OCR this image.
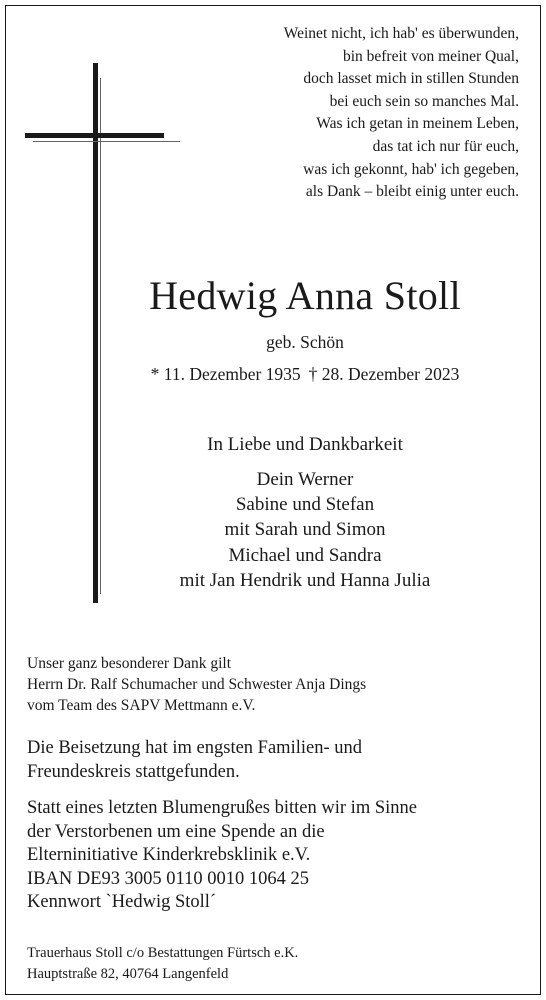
Weinet nicht, ich hab' es überwunden,
bin befreit von meiner Qual,
doch lasset mich in stillen Stunden
bei euch sein so manches Mal.
Was ich getan in meinem Leben,
das tat ich nur für euch,
was ich gekonnt, hab' ich gegeben,
als Dank – bleibt einig unter euch.
Hedwig Anna Stoll
geb. Schön
* 11. Dezember 1935 † 28. Dezember 2023
In Liebe und Dankbarkeit
Dein Werner
Sabine und Stefan
mit Sarah und Simon
Michael und Sandra
mit Jan Hendrik und Hanna Julia
Unser ganz besonderer Dank gilt
Herrn Dr. Ralf Schumacher und Schwester Anja Dings
vom Team des SAPV Mettmann e.V.
Die Beisetzung hat im engsten Familien- und
Freundeskreis stattgefunden.
Statt eines letzten Blumengrußes bitten wir im Sinne
der Verstorbenen um eine Spende an die
Elterninitiative Kinderkrebsklinik e.V.
IBAN DE93 3005 0110 0010 1064 25
Kennwort `Hedwig Stoll´
Trauerhaus Stoll c/o Bestattungen Fürtsch e.K.
Hauptstraße 82, 40764 Langenfeld
